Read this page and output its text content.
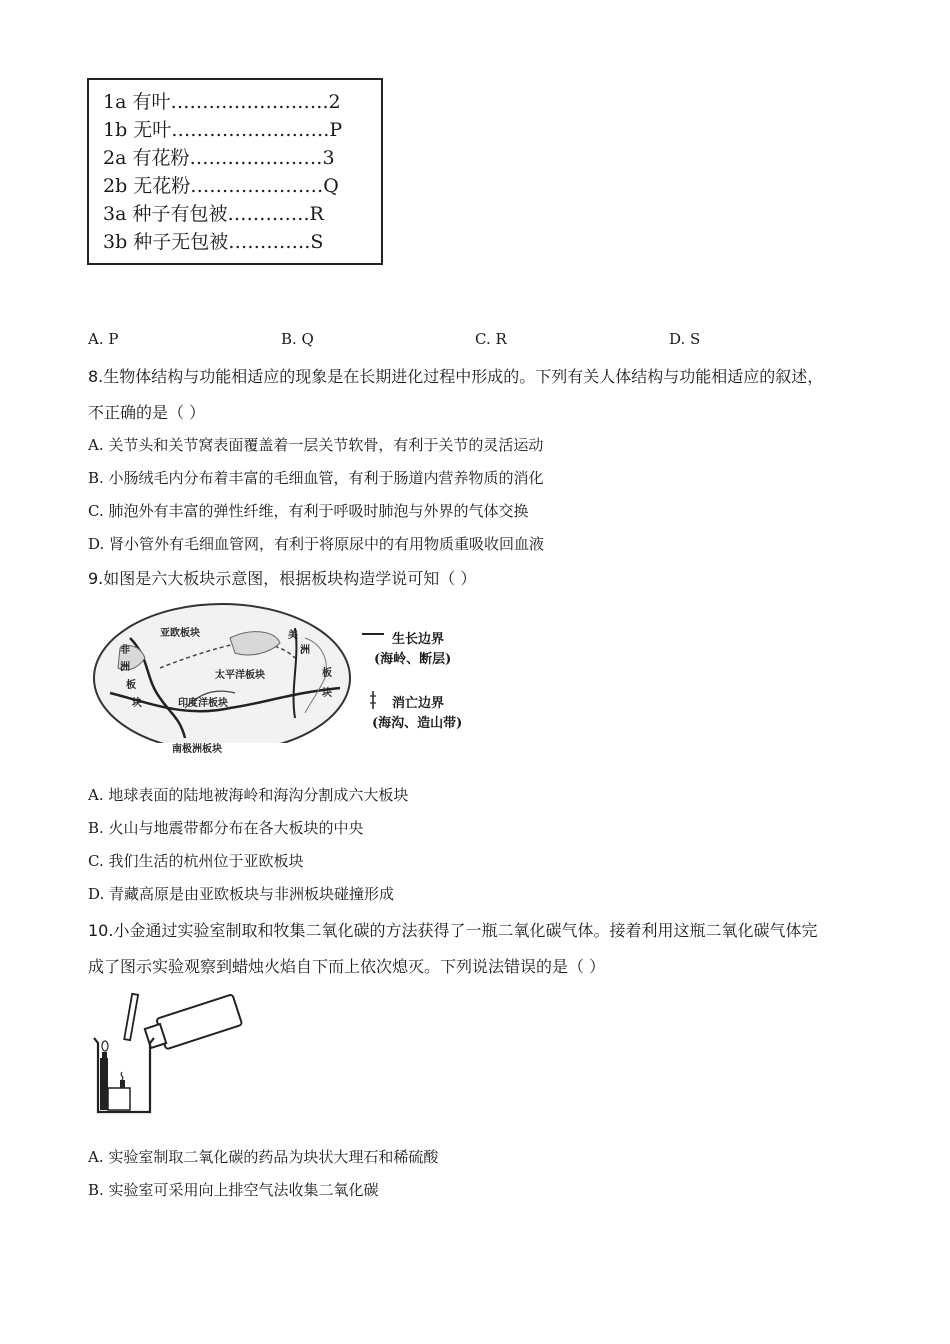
1a 有叶…………………….2
1b 无叶…………………….P
2a 有花粉…………………3
2b 无花粉…………………Q
3a 种子有包被………….R
3b 种子无包被………….S
A. P	B. Q	C. R	D. S
8.生物体结构与功能相适应的现象是在长期进化过程中形成的。下列有关人体结构与功能相适应的叙述，
不正确的是（ ）
A. 关节头和关节窝表面覆盖着一层关节软骨，有利于关节的灵活运动
B. 小肠绒毛内分布着丰富的毛细血管，有利于肠道内营养物质的消化
C. 肺泡外有丰富的弹性纤维，有利于呼吸时肺泡与外界的气体交换
D. 肾小管外有毛细血管网，有利于将原尿中的有用物质重吸收回血液
9.如图是六大板块示意图，根据板块构造学说可知（ ）
亚欧板块
非
洲
板
块
太平洋板块
美
洲
板
块
印度洋板块
南极洲板块
生长边界
(海岭、断层)
消亡边界
(海沟、造山带)
A. 地球表面的陆地被海岭和海沟分割成六大板块
B. 火山与地震带都分布在各大板块的中央
C. 我们生活的杭州位于亚欧板块
D. 青藏高原是由亚欧板块与非洲板块碰撞形成
10.小金通过实验室制取和牧集二氧化碳的方法获得了一瓶二氧化碳气体。接着利用这瓶二氧化碳气体完
成了图示实验观察到蜡烛火焰自下而上依次熄灭。下列说法错误的是（ ）
A. 实验室制取二氧化碳的药品为块状大理石和稀硫酸
B. 实验室可采用向上排空气法收集二氧化碳
